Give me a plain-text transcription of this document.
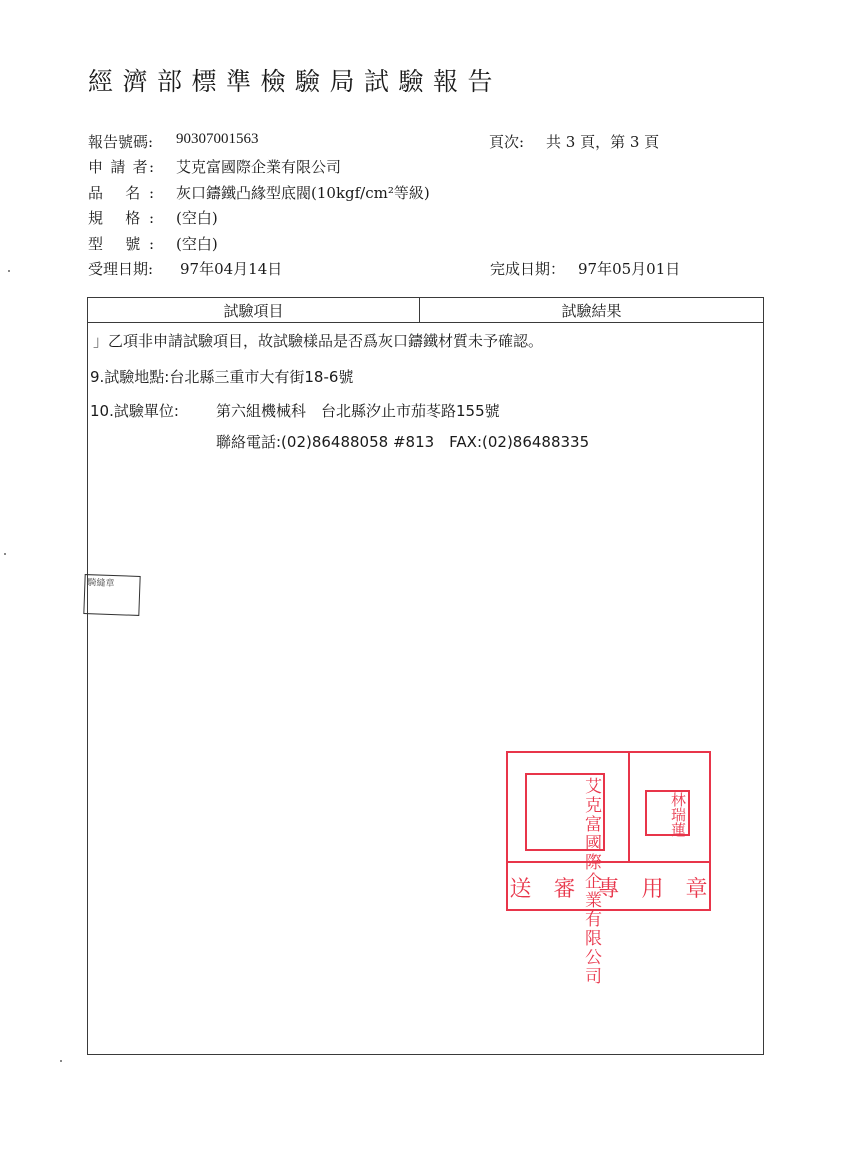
經濟部標準檢驗局試驗報告
報告號碼: 90307001563
申 請 者: 艾克富國際企業有限公司
品 名: 灰口鑄鐵凸緣型底閥(10kgf/cm²等級)
規 格: (空白)
型 號: (空白)
受理日期: 97年04月14日
頁次: 共 3 頁，第 3 頁
完成日期： 97年05月01日
試驗項目	試驗結果
」乙項非申請試驗項目，故試驗樣品是否爲灰口鑄鐵材質未予確認。
9.試驗地點:台北縣三重市大有街18-6號
10.試驗單位: 第六組機械科　台北縣汐止市茄苳路155號
聯絡電話:(02)86488058 #813　FAX:(02)86488335
騎縫章
艾克富國際企業有限公司	林瑞蓮
送審專用章
